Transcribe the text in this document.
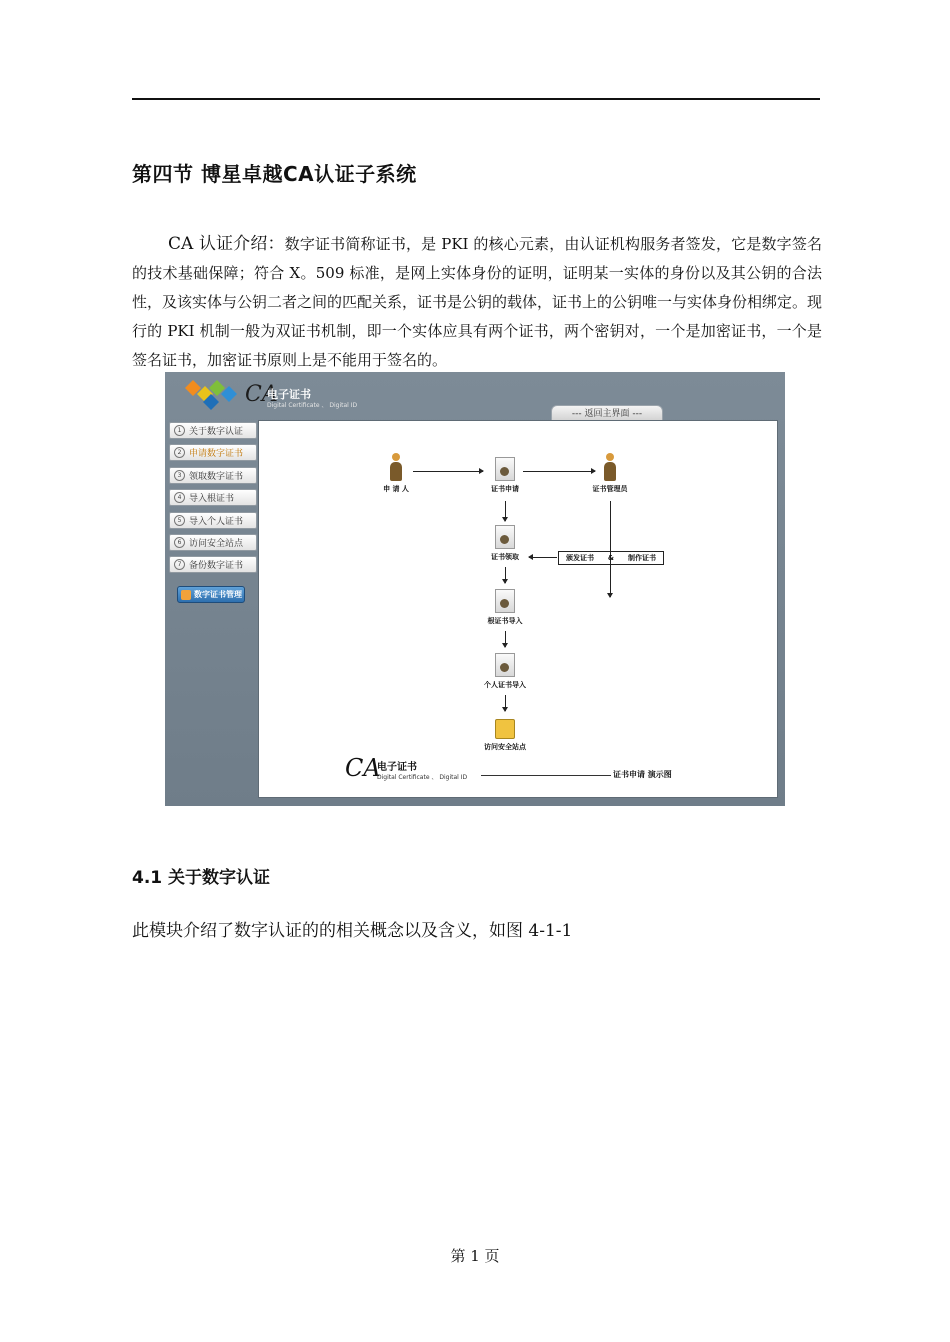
第四节 博星卓越CA认证子系统

CA 认证介绍：数字证书简称证书，是 PKI 的核心元素，由认证机构服务者签发，它是数字签名的技术基础保障；符合 X。509 标准，是网上实体身份的证明，证明某一实体的身份以及其公钥的合法性，及该实体与公钥二者之间的匹配关系，证书是公钥的载体，证书上的公钥唯一与实体身份相绑定。现行的 PKI 机制一般为双证书机制，即一个实体应具有两个证书，两个密钥对，一个是加密证书，一个是签名证书，加密证书原则上是不能用于签名的。

CA
电子证书
Digital Certificate 、 Digital ID
--- 返回主界面 ---
1 关于数字认证
2 申请数字证书
3 领取数字证书
4 导入根证书
5 导入个人证书
6 访问安全站点
7 备份数字证书
数字证书管理
申 请 人	证书申请	证书管理员
证书领取	颁发证书 & 制作证书
根证书导入
个人证书导入
访问安全站点
CA
电子证书
Digital Certificate 、 Digital ID	证书申请 演示图
4.1 关于数字认证
此模块介绍了数字认证的的相关概念以及含义，如图 4-1-1
第 1 页
